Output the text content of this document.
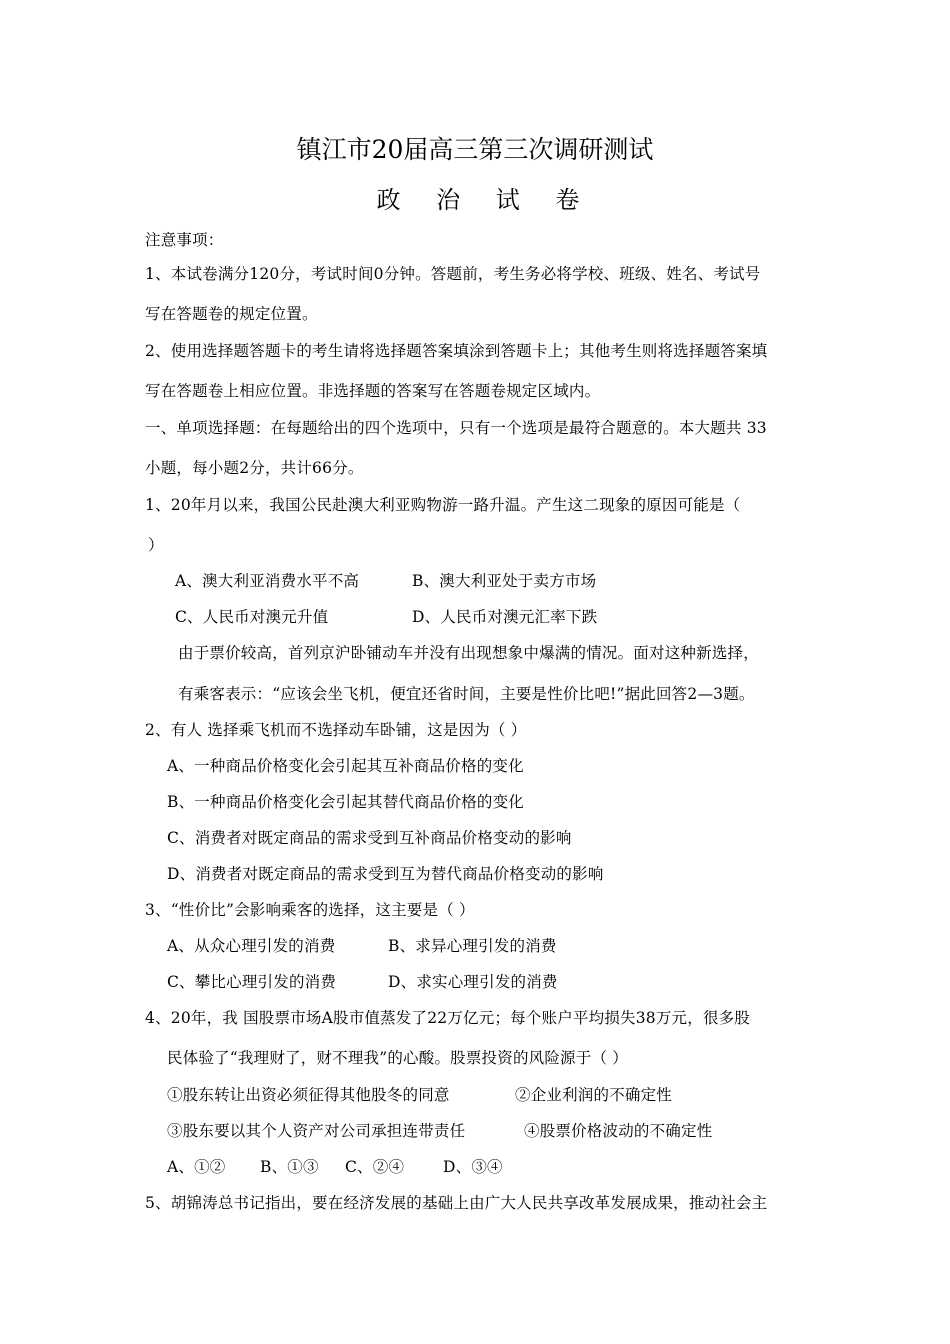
镇江市20届高三第三次调研测试
政 治 试 卷
注意事项：
1、本试卷满分120分，考试时间0分钟。答题前，考生务必将学校、班级、姓名、考试号
写在答题卷的规定位置。
2、使用选择题答题卡的考生请将选择题答案填涂到答题卡上；其他考生则将选择题答案填
写在答题卷上相应位置。非选择题的答案写在答题卷规定区域内。
一、单项选择题：在每题给出的四个选项中，只有一个选项是最符合题意的。本大题共 33
小题，每小题2分，共计66分。
1、20年月以来，我国公民赴澳大利亚购物游一路升温。产生这二现象的原因可能是（
）
A、澳大利亚消费水平不高	B、澳大利亚处于卖方市场
C、人民币对澳元升值	D、人民币对澳元汇率下跌
由于票价较高，首列京沪卧铺动车并没有出现想象中爆满的情况。面对这种新选择，
有乘客表示：“应该会坐飞机，便宜还省时间，主要是性价比吧!”据此回答2—3题。
2、有人 选择乘飞机而不选择动车卧铺，这是因为（ ）
A、一种商品价格变化会引起其互补商品价格的变化
B、一种商品价格变化会引起其替代商品价格的变化
C、消费者对既定商品的需求受到互补商品价格变动的影响
D、消费者对既定商品的需求受到互为替代商品价格变动的影响
3、“性价比”会影响乘客的选择，这主要是（ ）
A、从众心理引发的消费	B、求异心理引发的消费
C、攀比心理引发的消费	D、求实心理引发的消费
4、20年，我 国股票市场A股市值蒸发了22万亿元；每个账户平均损失38万元，很多股
民体验了“我理财了，财不理我”的心酸。股票投资的风险源于（ ）
①股东转让出资必须征得其他股冬的同意	②企业利润的不确定性
③股东要以其个人资产对公司承担连带责任	④股票价格波动的不确定性
A、①② B、①③ C、②④	D、③④
5、胡锦涛总书记指出，要在经济发展的基础上由广大人民共享改革发展成果，推动社会主
